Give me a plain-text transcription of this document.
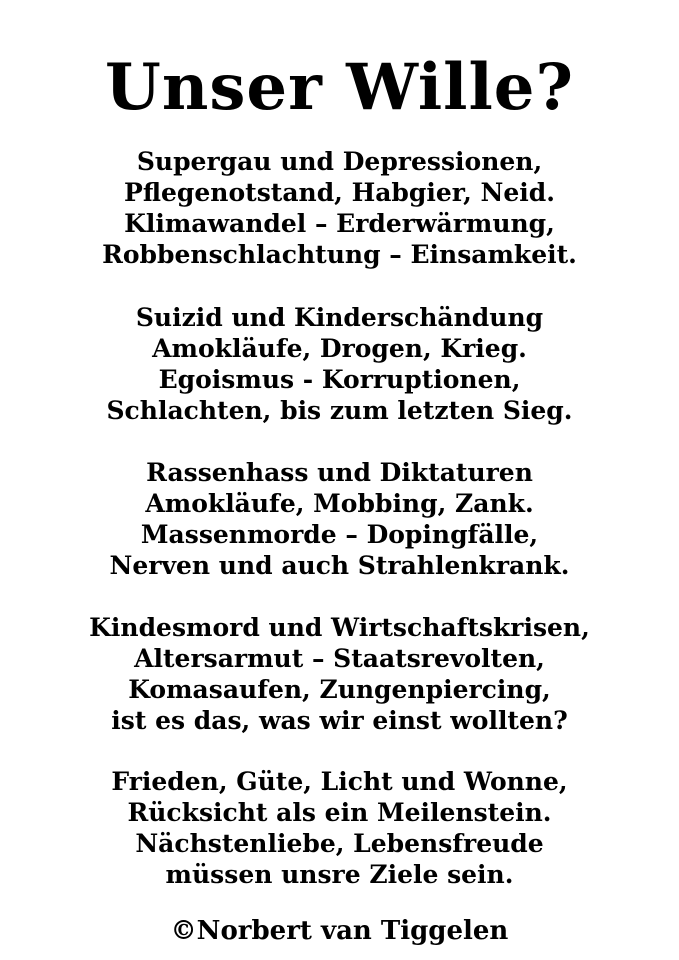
Unser Wille?
Supergau und Depressionen,
Pflegenotstand, Habgier, Neid.
Klimawandel – Erderwärmung,
Robbenschlachtung – Einsamkeit.
Suizid und Kinderschändung
Amokläufe, Drogen, Krieg.
Egoismus - Korruptionen,
Schlachten, bis zum letzten Sieg.
Rassenhass und Diktaturen
Amokläufe, Mobbing, Zank.
Massenmorde – Dopingfälle,
Nerven und auch Strahlenkrank.
Kindesmord und Wirtschaftskrisen,
Altersarmut – Staatsrevolten,
Komasaufen, Zungenpiercing,
ist es das, was wir einst wollten?
Frieden, Güte, Licht und Wonne,
Rücksicht als ein Meilenstein.
Nächstenliebe, Lebensfreude
müssen unsre Ziele sein.

©Norbert van Tiggelen
